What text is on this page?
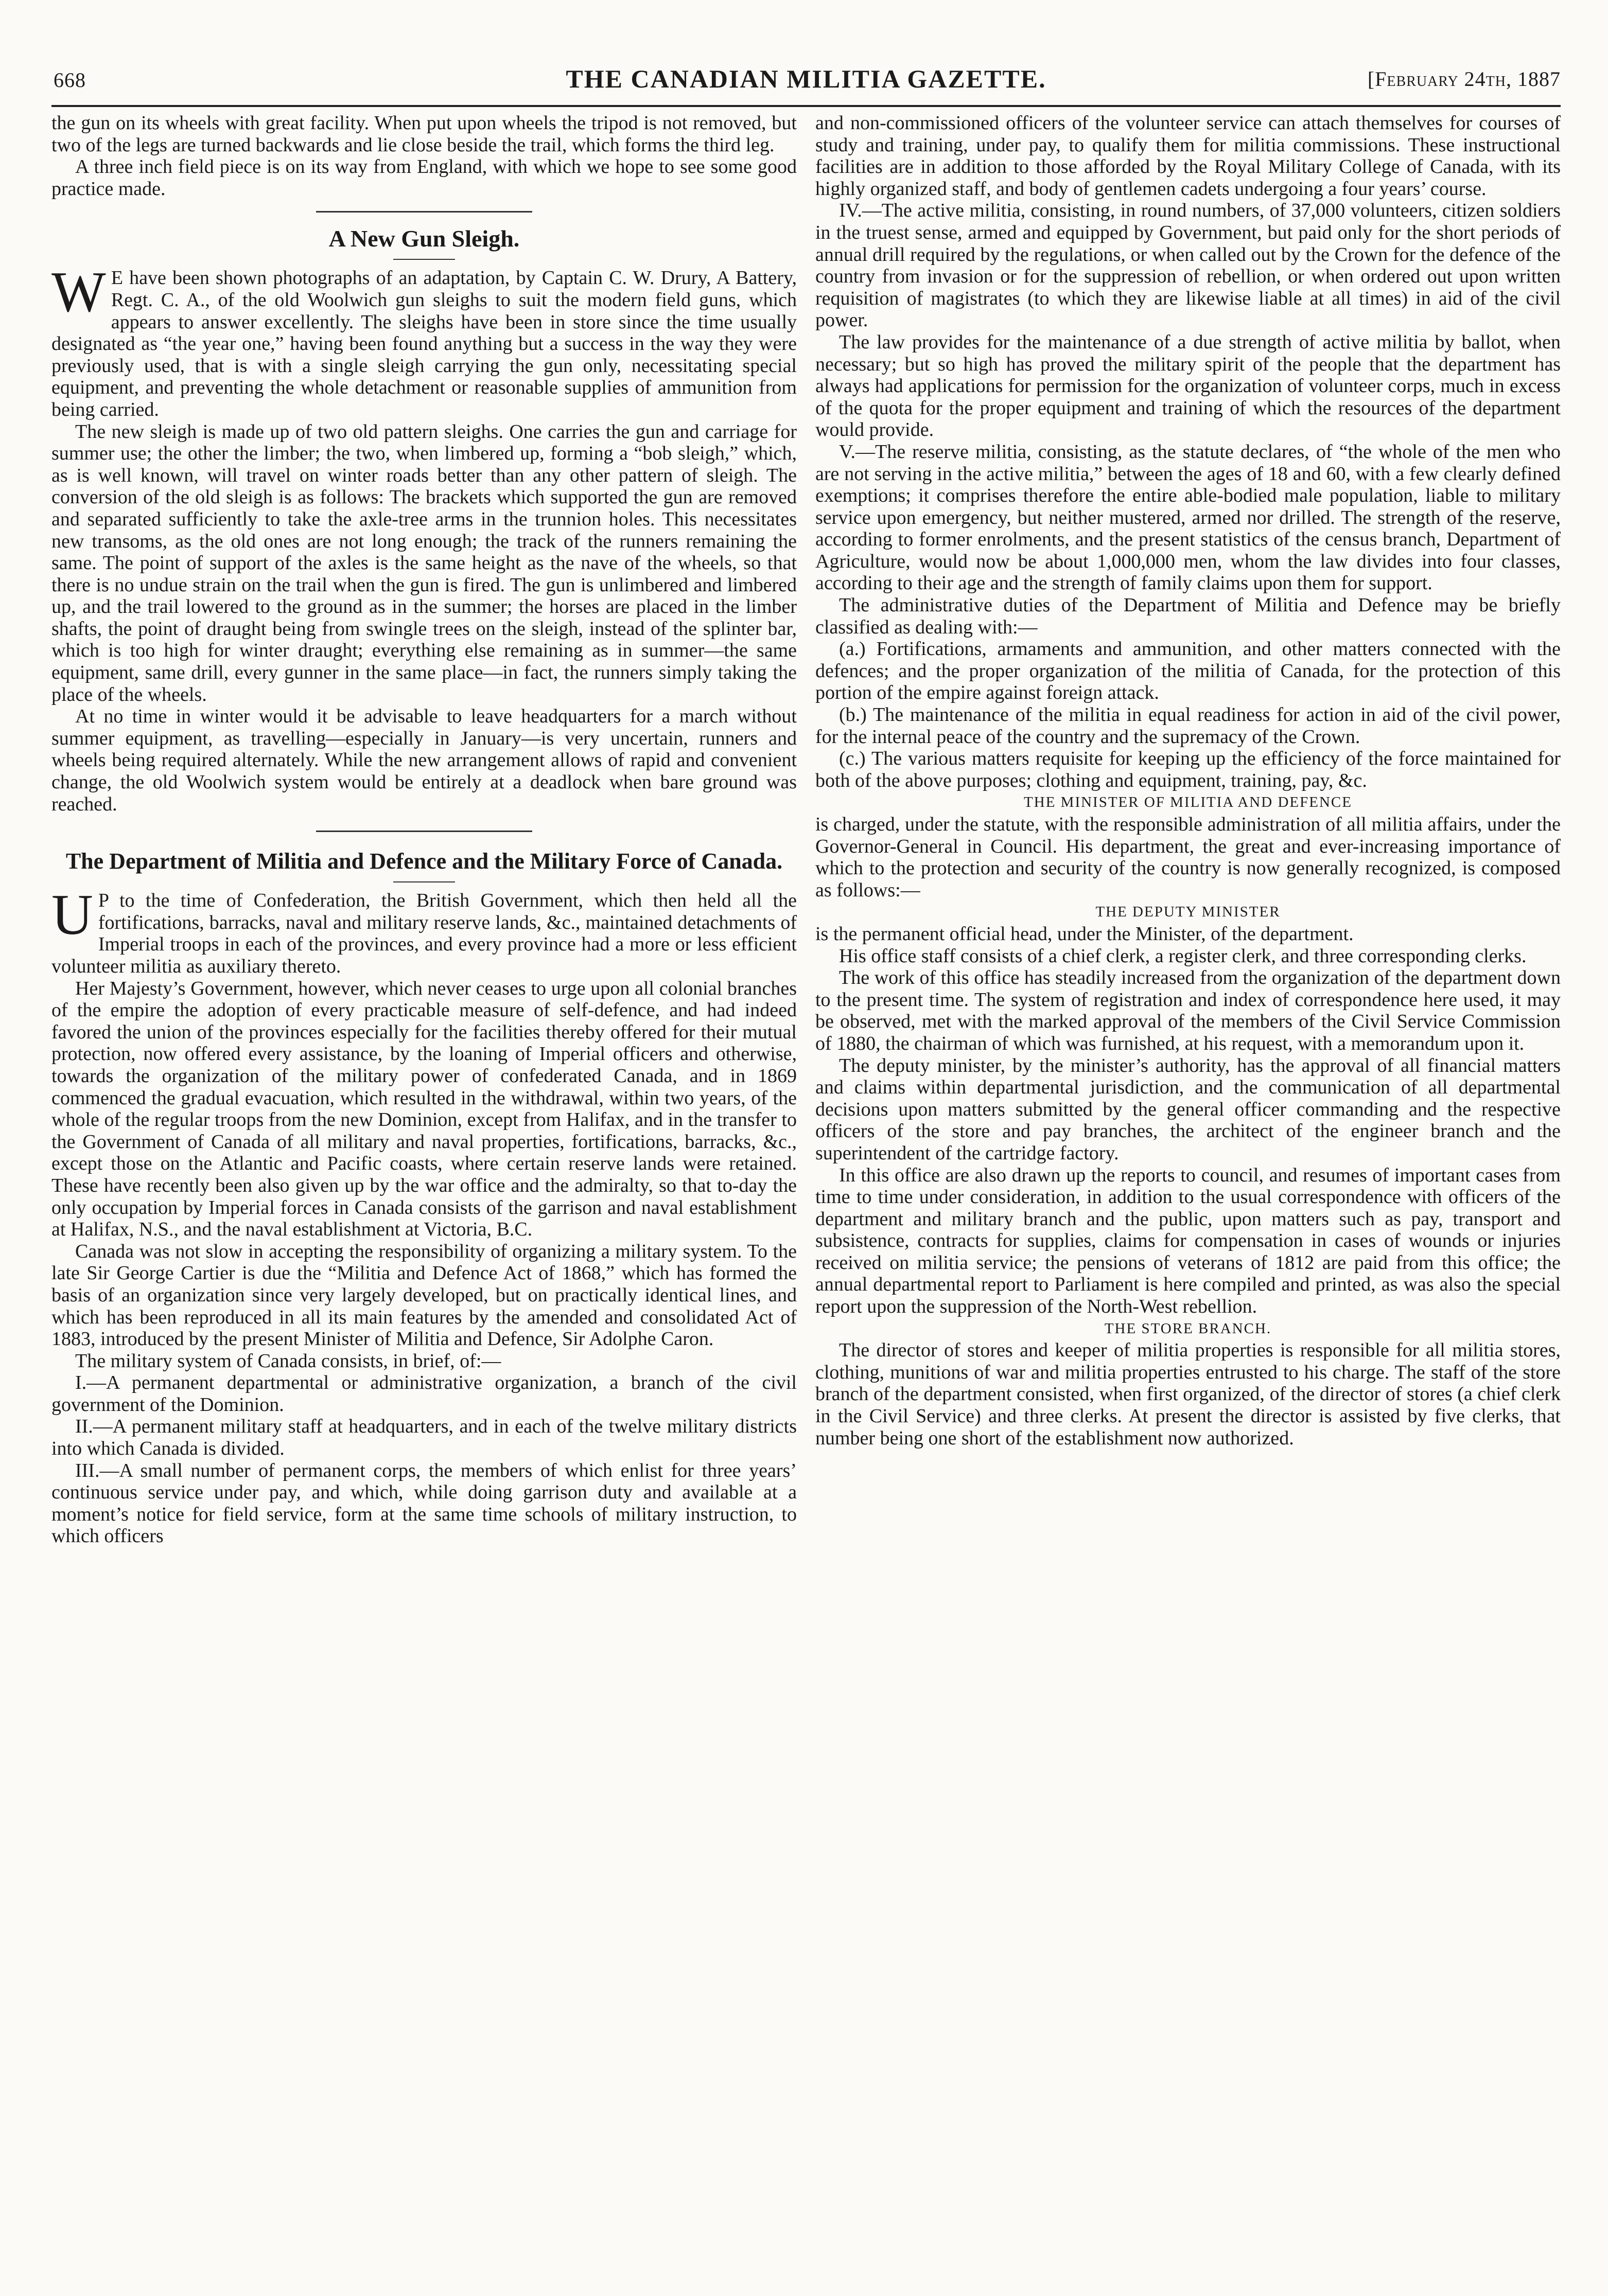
668	THE CANADIAN MILITIA GAZETTE.	[February 24th, 1887

the gun on its wheels with great facility. When put upon wheels the tripod is not removed, but two of the legs are turned backwards and lie close beside the trail, which forms the third leg.

A three inch field piece is on its way from England, with which we hope to see some good practice made.

A New Gun Sleigh.

W E have been shown photographs of an adaptation, by Captain C. W. Drury, A Battery, Regt. C. A., of the old Woolwich gun sleighs to suit the modern field guns, which appears to answer excellently. The sleighs have been in store since the time usually designated as “the year one,” having been found anything but a success in the way they were previously used, that is with a single sleigh carrying the gun only, necessitating special equipment, and preventing the whole detachment or reasonable supplies of ammunition from being carried.

The new sleigh is made up of two old pattern sleighs. One carries the gun and carriage for summer use; the other the limber; the two, when limbered up, forming a “bob sleigh,” which, as is well known, will travel on winter roads better than any other pattern of sleigh. The conversion of the old sleigh is as follows: The brackets which supported the gun are removed and separated sufficiently to take the axle-tree arms in the trunnion holes. This necessitates new transoms, as the old ones are not long enough; the track of the runners remaining the same. The point of support of the axles is the same height as the nave of the wheels, so that there is no undue strain on the trail when the gun is fired. The gun is unlimbered and limbered up, and the trail lowered to the ground as in the summer; the horses are placed in the limber shafts, the point of draught being from swingle trees on the sleigh, instead of the splinter bar, which is too high for winter draught; everything else remaining as in summer—the same equipment, same drill, every gunner in the same place—in fact, the runners simply taking the place of the wheels.

At no time in winter would it be advisable to leave headquarters for a march without summer equipment, as travelling—especially in January—is very uncertain, runners and wheels being required alternately. While the new arrangement allows of rapid and convenient change, the old Woolwich system would be entirely at a deadlock when bare ground was reached.

The Department of Militia and Defence and the Military Force of Canada.

U P to the time of Confederation, the British Government, which then held all the fortifications, barracks, naval and military reserve lands, &c., maintained detachments of Imperial troops in each of the provinces, and every province had a more or less efficient volunteer militia as auxiliary thereto.

Her Majesty’s Government, however, which never ceases to urge upon all colonial branches of the empire the adoption of every practicable measure of self-defence, and had indeed favored the union of the provinces especially for the facilities thereby offered for their mutual protection, now offered every assistance, by the loaning of Imperial officers and otherwise, towards the organization of the military power of confederated Canada, and in 1869 commenced the gradual evacuation, which resulted in the withdrawal, within two years, of the whole of the regular troops from the new Dominion, except from Halifax, and in the transfer to the Government of Canada of all military and naval properties, fortifications, barracks, &c., except those on the Atlantic and Pacific coasts, where certain reserve lands were retained. These have recently been also given up by the war office and the admiralty, so that to-day the only occupation by Imperial forces in Canada consists of the garrison and naval establishment at Halifax, N.S., and the naval establishment at Victoria, B.C.

Canada was not slow in accepting the responsibility of organizing a military system. To the late Sir George Cartier is due the “Militia and Defence Act of 1868,” which has formed the basis of an organization since very largely developed, but on practically identical lines, and which has been reproduced in all its main features by the amended and consolidated Act of 1883, introduced by the present Minister of Militia and Defence, Sir Adolphe Caron.

The military system of Canada consists, in brief, of:—

I.—A permanent departmental or administrative organization, a branch of the civil government of the Dominion.

II.—A permanent military staff at headquarters, and in each of the twelve military districts into which Canada is divided.

III.—A small number of permanent corps, the members of which enlist for three years’ continuous service under pay, and which, while doing garrison duty and available at a moment’s notice for field service, form at the same time schools of military instruction, to which officers

and non-commissioned officers of the volunteer service can attach themselves for courses of study and training, under pay, to qualify them for militia commissions. These instructional facilities are in addition to those afforded by the Royal Military College of Canada, with its highly organized staff, and body of gentlemen cadets undergoing a four years’ course.

IV.—The active militia, consisting, in round numbers, of 37,000 volunteers, citizen soldiers in the truest sense, armed and equipped by Government, but paid only for the short periods of annual drill required by the regulations, or when called out by the Crown for the defence of the country from invasion or for the suppression of rebellion, or when ordered out upon written requisition of magistrates (to which they are likewise liable at all times) in aid of the civil power.

The law provides for the maintenance of a due strength of active militia by ballot, when necessary; but so high has proved the military spirit of the people that the department has always had applications for permission for the organization of volunteer corps, much in excess of the quota for the proper equipment and training of which the resources of the department would provide.

V.—The reserve militia, consisting, as the statute declares, of “the whole of the men who are not serving in the active militia,” between the ages of 18 and 60, with a few clearly defined exemptions; it comprises therefore the entire able-bodied male population, liable to military service upon emergency, but neither mustered, armed nor drilled. The strength of the reserve, according to former enrolments, and the present statistics of the census branch, Department of Agriculture, would now be about 1,000,000 men, whom the law divides into four classes, according to their age and the strength of family claims upon them for support.

The administrative duties of the Department of Militia and Defence may be briefly classified as dealing with:—

(a.) Fortifications, armaments and ammunition, and other matters connected with the defences; and the proper organization of the militia of Canada, for the protection of this portion of the empire against foreign attack.

(b.) The maintenance of the militia in equal readiness for action in aid of the civil power, for the internal peace of the country and the supremacy of the Crown.

(c.) The various matters requisite for keeping up the efficiency of the force maintained for both of the above purposes; clothing and equipment, training, pay, &c.

THE MINISTER OF MILITIA AND DEFENCE

is charged, under the statute, with the responsible administration of all militia affairs, under the Governor-General in Council. His department, the great and ever-increasing importance of which to the protection and security of the country is now generally recognized, is composed as follows:—

THE DEPUTY MINISTER

is the permanent official head, under the Minister, of the department.

His office staff consists of a chief clerk, a register clerk, and three corresponding clerks.

The work of this office has steadily increased from the organization of the department down to the present time. The system of registration and index of correspondence here used, it may be observed, met with the marked approval of the members of the Civil Service Commission of 1880, the chairman of which was furnished, at his request, with a memorandum upon it.

The deputy minister, by the minister’s authority, has the approval of all financial matters and claims within departmental jurisdiction, and the communication of all departmental decisions upon matters submitted by the general officer commanding and the respective officers of the store and pay branches, the architect of the engineer branch and the superintendent of the cartridge factory.

In this office are also drawn up the reports to council, and resumes of important cases from time to time under consideration, in addition to the usual correspondence with officers of the department and military branch and the public, upon matters such as pay, transport and subsistence, contracts for supplies, claims for compensation in cases of wounds or injuries received on militia service; the pensions of veterans of 1812 are paid from this office; the annual departmental report to Parliament is here compiled and printed, as was also the special report upon the suppression of the North-West rebellion.

THE STORE BRANCH.

The director of stores and keeper of militia properties is responsible for all militia stores, clothing, munitions of war and militia properties entrusted to his charge. The staff of the store branch of the department consisted, when first organized, of the director of stores (a chief clerk in the Civil Service) and three clerks. At present the director is assisted by five clerks, that number being one short of the establishment now authorized.
